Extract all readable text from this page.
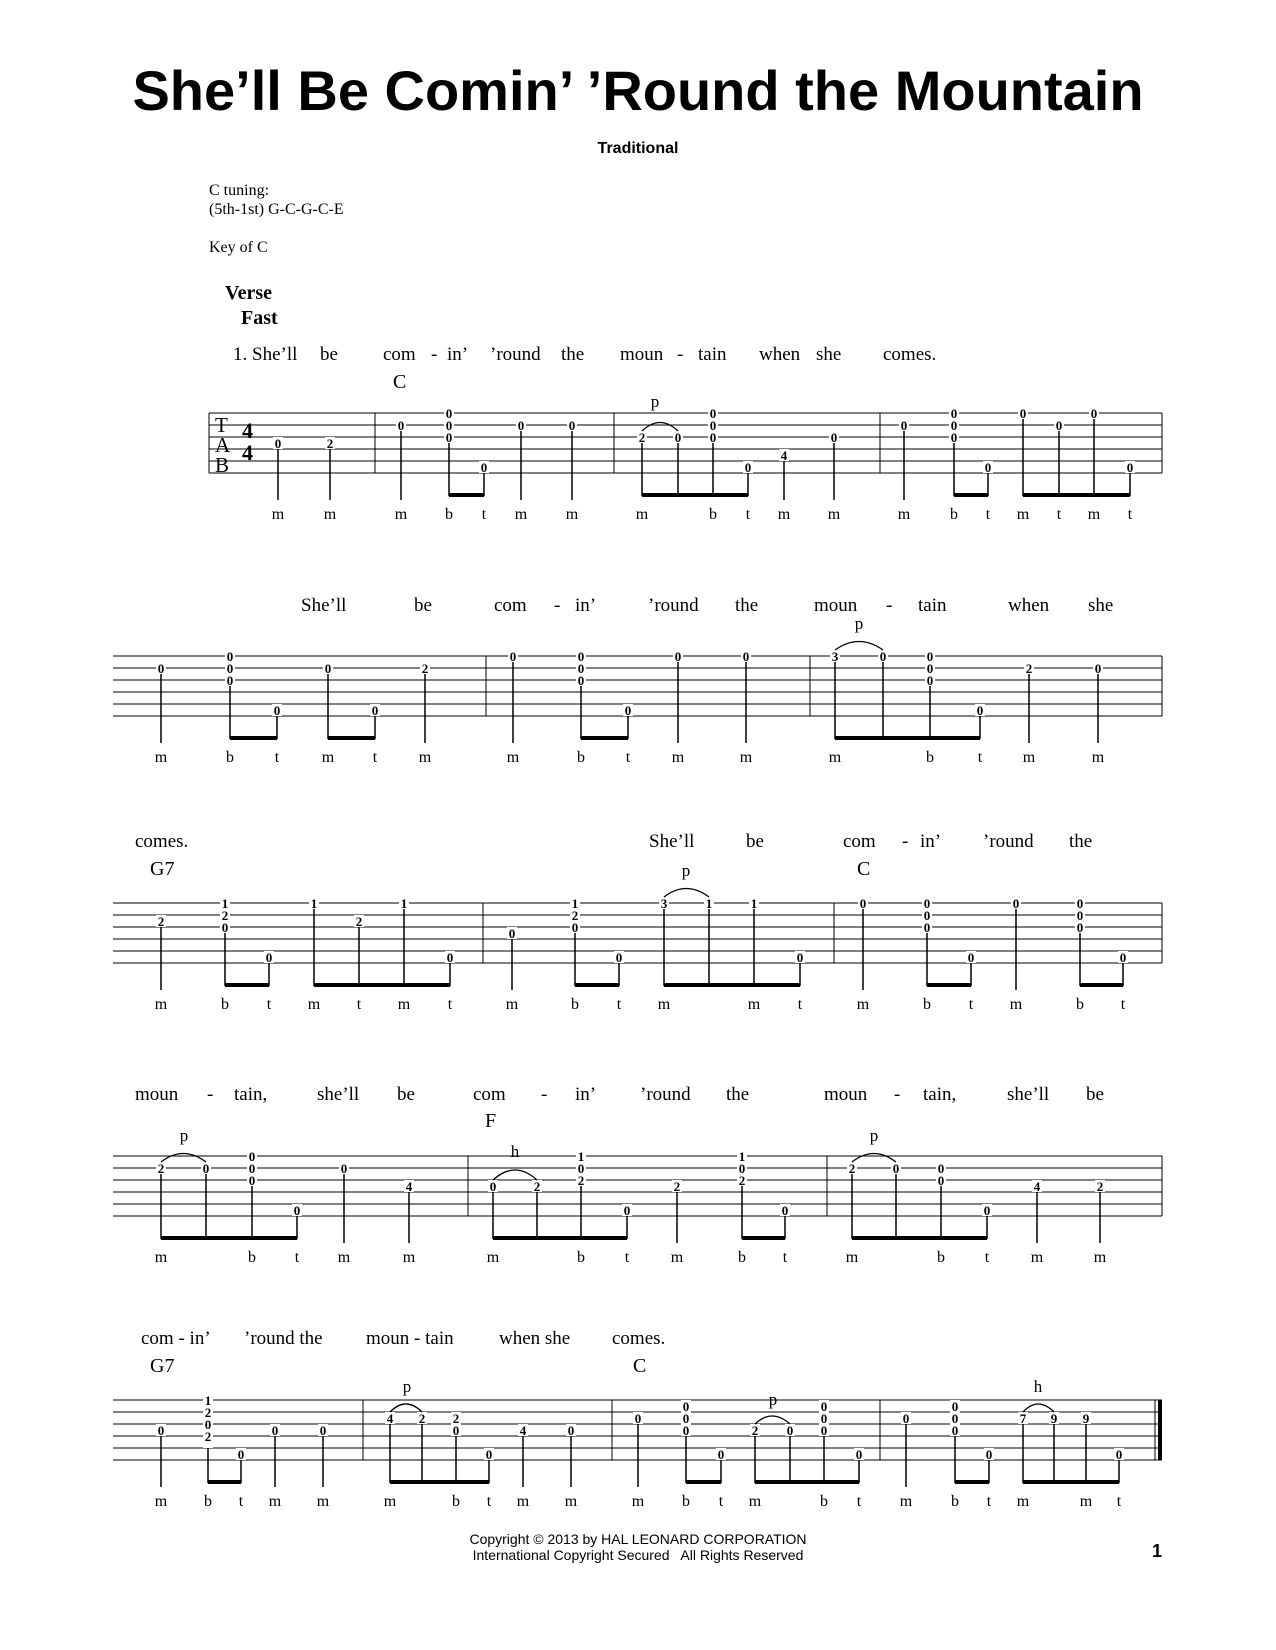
She’ll Be Comin’ ’Round the Mountain
Traditional
C tuning:
(5th-1st) G-C-G-C-E
Key of C
Verse
Fast
1. She’ll be com - in’ ’round the moun - tain when she comes.
C
T
A
B
4
4 0	2
0
0
0
0
0
0	0
2 0
0
0
0
0
4
0
0
0
0
0
0
0
0
0
0
p
m m	m b t m m	m	b t m m	m b t m t m t
She’ll	be	com - in’	’round the	moun - tain	when she
0
0
0
0
0
0
0
2
0	0
0
0
0
0	0	3	0	0
0
0
0
2	0
p
m	b	t	m t	m	m	b	t	m	m	m	b	t	m	m
comes.	She’ll	be	com - in’ ’round the
G7	C
2
1
2
0
0
1
2
1
0
0
1
2
0
0
3	1	1
0
0	0
0
0
0
0	0
0
0
0
p
m	b t m t m t	m	b t m	m t	m	b t m	b t
moun - tain,	she’ll be	com - in’ ’round the	moun - tain,	she’ll be
F
2	0
0
0
0
0
0
4	0	2
1
0
2
0
2
1
0
2
0
2	0	0
0
0
4	2
p
h
p
m	b t m	m	m	b t	m	b t	m	b t	m	m
com - in’ ’round the moun - tain when she comes.
G7	C
0
1
2
0
2
0
0	0
4 2 2
0
0
4	0
0
0
0
0
0
2 0
0
0
0
0
0
0
0
0
0
7 9 9
0
p
p
h
m b t m m	m	b t m m	m b t m	b t m b t m	m t
Copyright © 2013 by HAL LEONARD CORPORATION
International Copyright Secured   All Rights Reserved	1
